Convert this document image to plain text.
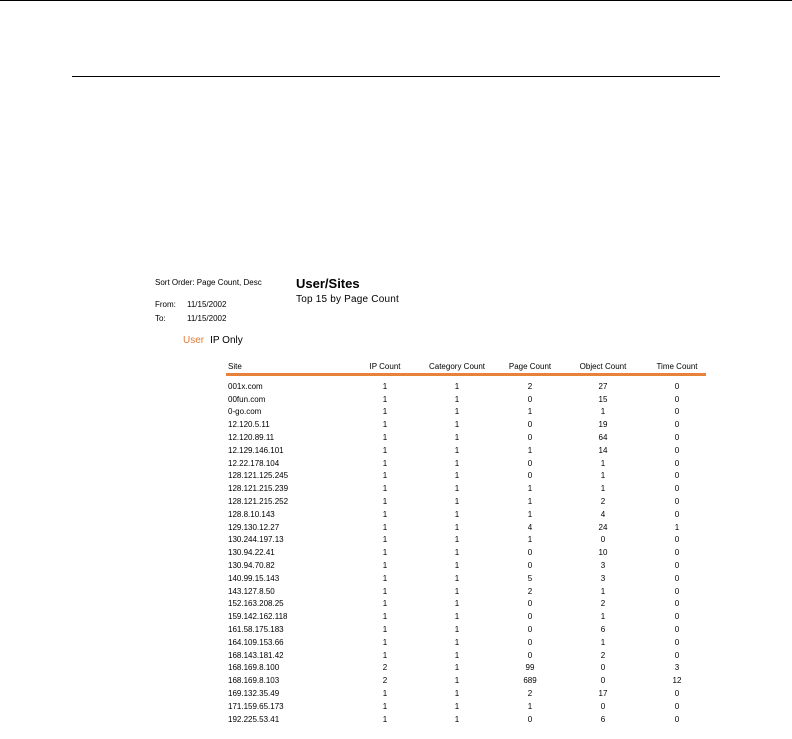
Sort Order: Page Count, Desc
From: 11/15/2002
To:	11/15/2002
User/Sites
Top 15 by Page Count
User IP Only
Site	IP Count	Category Count	Page Count	Object Count	Time Count
001x.com	1	1	2	27	0
00fun.com	1	1	0	15	0
0-go.com	1	1	1	1	0
12.120.5.11	1	1	0	19	0
12.120.89.11	1	1	0	64	0
12.129.146.101	1	1	1	14	0
12.22.178.104	1	1	0	1	0
128.121.125.245	1	1	0	1	0
128.121.215.239	1	1	1	1	0
128.121.215.252	1	1	1	2	0
128.8.10.143	1	1	1	4	0
129.130.12.27	1	1	4	24	1
130.244.197.13	1	1	1	0	0
130.94.22.41	1	1	0	10	0
130.94.70.82	1	1	0	3	0
140.99.15.143	1	1	5	3	0
143.127.8.50	1	1	2	1	0
152.163.208.25	1	1	0	2	0
159.142.162.118	1	1	0	1	0
161.58.175.183	1	1	0	6	0
164.109.153.66	1	1	0	1	0
168.143.181.42	1	1	0	2	0
168.169.8.100	2	1	99	0	3
168.169.8.103	2	1	689	0	12
169.132.35.49	1	1	2	17	0
171.159.65.173	1	1	1	0	0
192.225.53.41	1	1	0	6	0
